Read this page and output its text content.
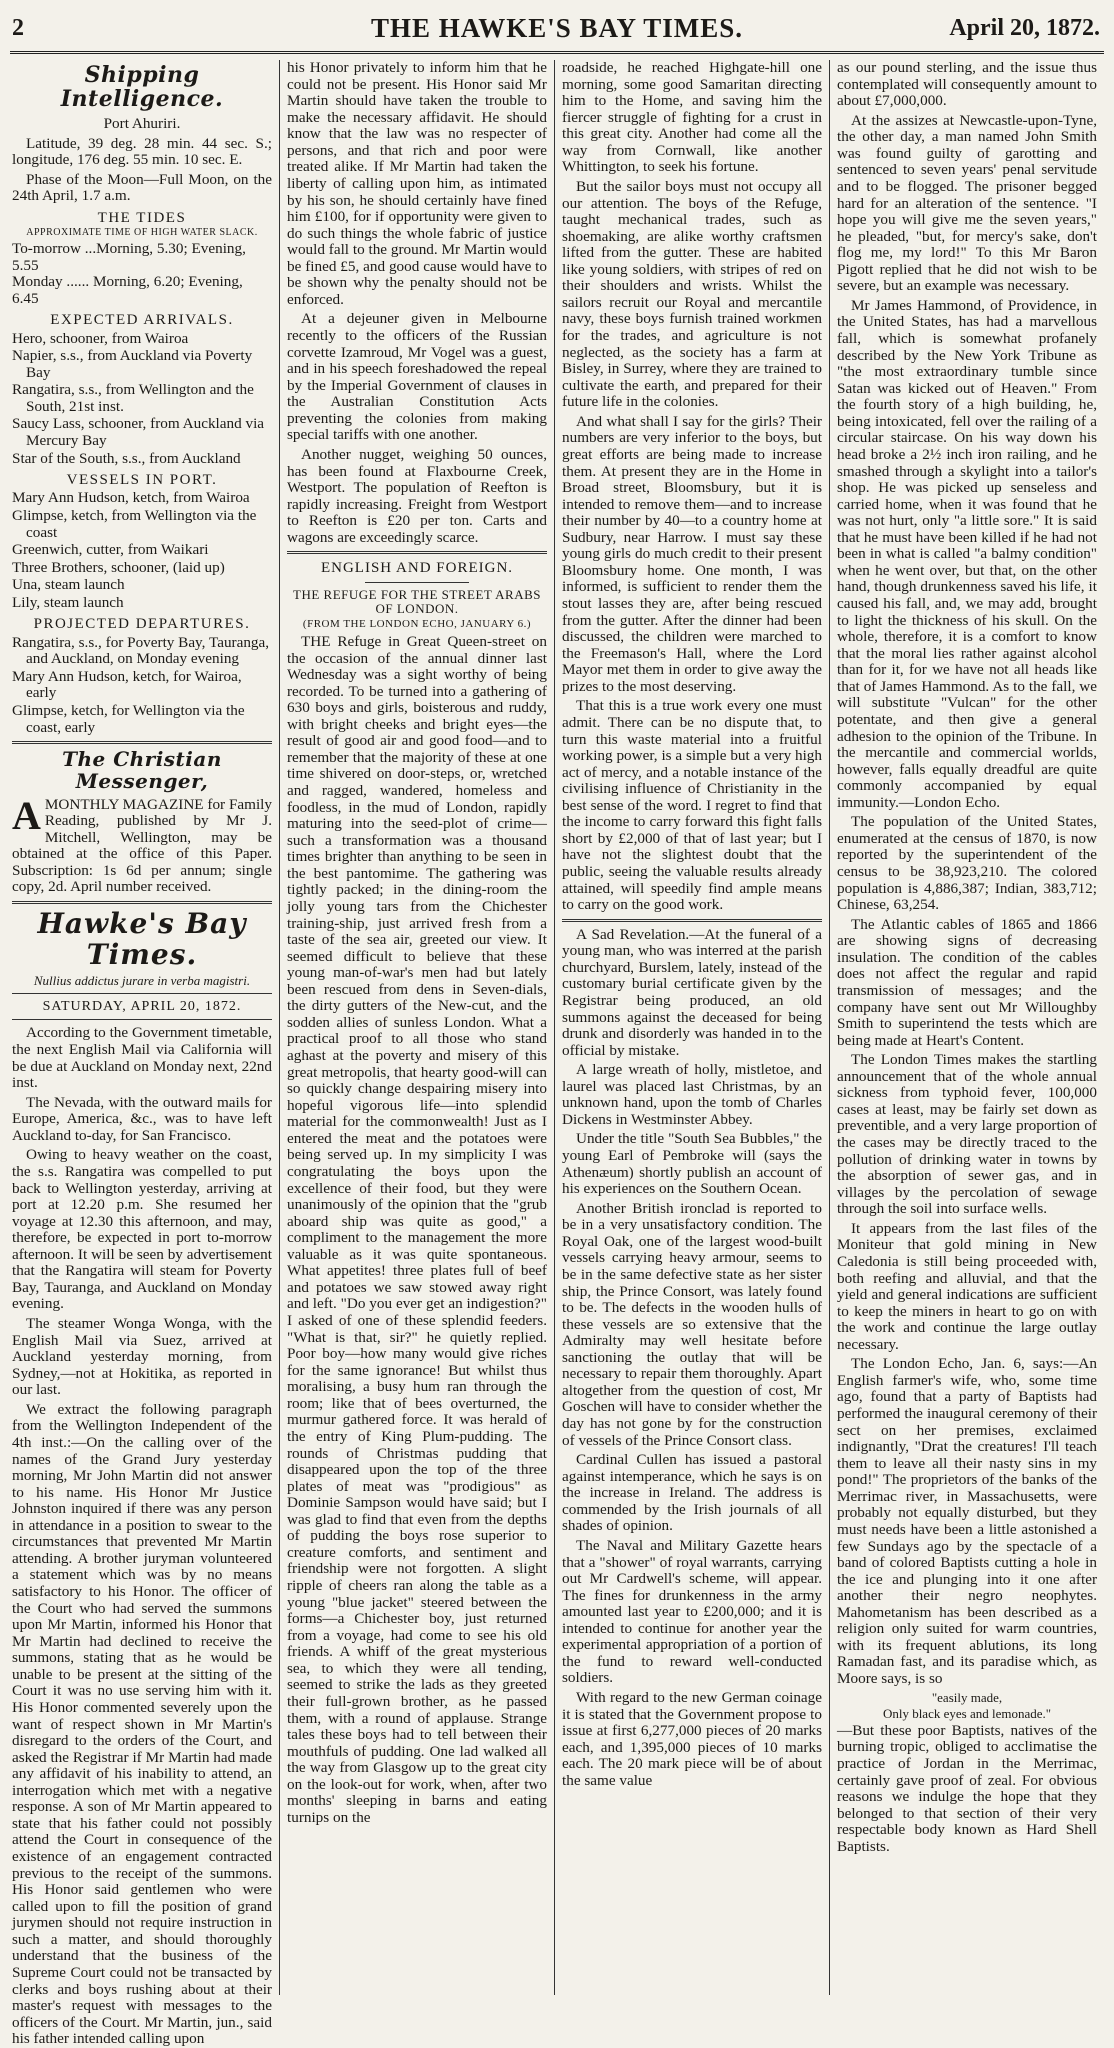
2	THE HAWKE'S BAY TIMES.	April 20, 1872.
Shipping Intelligence.

Port Ahuriri.

Latitude, 39 deg. 28 min. 44 sec. S.; longitude, 176 deg. 55 min. 10 sec. E.

Phase of the Moon—Full Moon, on the 24th April, 1.7 a.m.

THE TIDES
APPROXIMATE TIME OF HIGH WATER SLACK.

To-morrow ...Morning, 5.30; Evening, 5.55

Monday ...... Morning, 6.20; Evening, 6.45

EXPECTED ARRIVALS.

Hero, schooner, from Wairoa

Napier, s.s., from Auckland via Poverty Bay

Rangatira, s.s., from Wellington and the South, 21st inst.

Saucy Lass, schooner, from Auckland via Mercury Bay

Star of the South, s.s., from Auckland

VESSELS IN PORT.

Mary Ann Hudson, ketch, from Wairoa

Glimpse, ketch, from Wellington via the coast

Greenwich, cutter, from Waikari

Three Brothers, schooner, (laid up)

Una, steam launch

Lily, steam launch

PROJECTED DEPARTURES.

Rangatira, s.s., for Poverty Bay, Tauranga, and Auckland, on Monday evening

Mary Ann Hudson, ketch, for Wairoa, early

Glimpse, ketch, for Wellington via the coast, early

The Christian Messenger,

AMONTHLY MAGAZINE for Family Reading, published by Mr J. Mitchell, Wellington, may be obtained at the office of this Paper. Subscription: 1s 6d per annum; single copy, 2d. April number received.

Hawke's Bay Times.

Nullius addictus jurare in verba magistri.

SATURDAY, APRIL 20, 1872.

According to the Government timetable, the next English Mail via California will be due at Auckland on Monday next, 22nd inst.

The Nevada, with the outward mails for Europe, America, &c., was to have left Auckland to-day, for San Francisco.

Owing to heavy weather on the coast, the s.s. Rangatira was compelled to put back to Wellington yesterday, arriving at port at 12.20 p.m. She resumed her voyage at 12.30 this afternoon, and may, therefore, be expected in port to-morrow afternoon. It will be seen by advertisement that the Rangatira will steam for Poverty Bay, Tauranga, and Auckland on Monday evening.

The steamer Wonga Wonga, with the English Mail via Suez, arrived at Auckland yesterday morning, from Sydney,—not at Hokitika, as reported in our last.

We extract the following paragraph from the Wellington Independent of the 4th inst.:—On the calling over of the names of the Grand Jury yesterday morning, Mr John Martin did not answer to his name. His Honor Mr Justice Johnston inquired if there was any person in attendance in a position to swear to the circumstances that prevented Mr Martin attending. A brother juryman volunteered a statement which was by no means satisfactory to his Honor. The officer of the Court who had served the summons upon Mr Martin, informed his Honor that Mr Martin had declined to receive the summons, stating that as he would be unable to be present at the sitting of the Court it was no use serving him with it. His Honor commented severely upon the want of respect shown in Mr Martin's disregard to the orders of the Court, and asked the Registrar if Mr Martin had made any affidavit of his inability to attend, an interrogation which met with a negative response. A son of Mr Martin appeared to state that his father could not possibly attend the Court in consequence of the existence of an engagement contracted previous to the receipt of the summons. His Honor said gentlemen who were called upon to fill the position of grand jurymen should not require instruction in such a matter, and should thoroughly understand that the business of the Supreme Court could not be transacted by clerks and boys rushing about at their master's request with messages to the officers of the Court. Mr Martin, jun., said his father intended calling upon

his Honor privately to inform him that he could not be present. His Honor said Mr Martin should have taken the trouble to make the necessary affidavit. He should know that the law was no respecter of persons, and that rich and poor were treated alike. If Mr Martin had taken the liberty of calling upon him, as intimated by his son, he should certainly have fined him £100, for if opportunity were given to do such things the whole fabric of justice would fall to the ground. Mr Martin would be fined £5, and good cause would have to be shown why the penalty should not be enforced.

At a dejeuner given in Melbourne recently to the officers of the Russian corvette Izamroud, Mr Vogel was a guest, and in his speech foreshadowed the repeal by the Imperial Government of clauses in the Australian Constitution Acts preventing the colonies from making special tariffs with one another.

Another nugget, weighing 50 ounces, has been found at Flaxbourne Creek, Westport. The population of Reefton is rapidly increasing. Freight from Westport to Reefton is £20 per ton. Carts and wagons are exceedingly scarce.

ENGLISH AND FOREIGN.
THE REFUGE FOR THE STREET ARABS OF LONDON.
(FROM THE LONDON ECHO, JANUARY 6.)

THE Refuge in Great Queen-street on the occasion of the annual dinner last Wednesday was a sight worthy of being recorded. To be turned into a gathering of 630 boys and girls, boisterous and ruddy, with bright cheeks and bright eyes—the result of good air and good food—and to remember that the majority of these at one time shivered on door-steps, or, wretched and ragged, wandered, homeless and foodless, in the mud of London, rapidly maturing into the seed-plot of crime—such a transformation was a thousand times brighter than anything to be seen in the best pantomime. The gathering was tightly packed; in the dining-room the jolly young tars from the Chichester training-ship, just arrived fresh from a taste of the sea air, greeted our view. It seemed difficult to believe that these young man-of-war's men had but lately been rescued from dens in Seven-dials, the dirty gutters of the New-cut, and the sodden allies of sunless London. What a practical proof to all those who stand aghast at the poverty and misery of this great metropolis, that hearty good-will can so quickly change despairing misery into hopeful vigorous life—into splendid material for the commonwealth! Just as I entered the meat and the potatoes were being served up. In my simplicity I was congratulating the boys upon the excellence of their food, but they were unanimously of the opinion that the "grub aboard ship was quite as good," a compliment to the management the more valuable as it was quite spontaneous. What appetites! three plates full of beef and potatoes we saw stowed away right and left. "Do you ever get an indigestion?" I asked of one of these splendid feeders. "What is that, sir?" he quietly replied. Poor boy—how many would give riches for the same ignorance! But whilst thus moralising, a busy hum ran through the room; like that of bees overturned, the murmur gathered force. It was herald of the entry of King Plum-pudding. The rounds of Christmas pudding that disappeared upon the top of the three plates of meat was "prodigious" as Dominie Sampson would have said; but I was glad to find that even from the depths of pudding the boys rose superior to creature comforts, and sentiment and friendship were not forgotten. A slight ripple of cheers ran along the table as a young "blue jacket" steered between the forms—a Chichester boy, just returned from a voyage, had come to see his old friends. A whiff of the great mysterious sea, to which they were all tending, seemed to strike the lads as they greeted their full-grown brother, as he passed them, with a round of applause. Strange tales these boys had to tell between their mouthfuls of pudding. One lad walked all the way from Glasgow up to the great city on the look-out for work, when, after two months' sleeping in barns and eating turnips on the

roadside, he reached Highgate-hill one morning, some good Samaritan directing him to the Home, and saving him the fiercer struggle of fighting for a crust in this great city. Another had come all the way from Cornwall, like another Whittington, to seek his fortune.

But the sailor boys must not occupy all our attention. The boys of the Refuge, taught mechanical trades, such as shoemaking, are alike worthy craftsmen lifted from the gutter. These are habited like young soldiers, with stripes of red on their shoulders and wrists. Whilst the sailors recruit our Royal and mercantile navy, these boys furnish trained workmen for the trades, and agriculture is not neglected, as the society has a farm at Bisley, in Surrey, where they are trained to cultivate the earth, and prepared for their future life in the colonies.

And what shall I say for the girls? Their numbers are very inferior to the boys, but great efforts are being made to increase them. At present they are in the Home in Broad street, Bloomsbury, but it is intended to remove them—and to increase their number by 40—to a country home at Sudbury, near Harrow. I must say these young girls do much credit to their present Bloomsbury home. One month, I was informed, is sufficient to render them the stout lasses they are, after being rescued from the gutter. After the dinner had been discussed, the children were marched to the Freemason's Hall, where the Lord Mayor met them in order to give away the prizes to the most deserving.

That this is a true work every one must admit. There can be no dispute that, to turn this waste material into a fruitful working power, is a simple but a very high act of mercy, and a notable instance of the civilising influence of Christianity in the best sense of the word. I regret to find that the income to carry forward this fight falls short by £2,000 of that of last year; but I have not the slightest doubt that the public, seeing the valuable results already attained, will speedily find ample means to carry on the good work.

A Sad Revelation.—At the funeral of a young man, who was interred at the parish churchyard, Burslem, lately, instead of the customary burial certificate given by the Registrar being produced, an old summons against the deceased for being drunk and disorderly was handed in to the official by mistake.

A large wreath of holly, mistletoe, and laurel was placed last Christmas, by an unknown hand, upon the tomb of Charles Dickens in Westminster Abbey.

Under the title "South Sea Bubbles," the young Earl of Pembroke will (says the Athenæum) shortly publish an account of his experiences on the Southern Ocean.

Another British ironclad is reported to be in a very unsatisfactory condition. The Royal Oak, one of the largest wood-built vessels carrying heavy armour, seems to be in the same defective state as her sister ship, the Prince Consort, was lately found to be. The defects in the wooden hulls of these vessels are so extensive that the Admiralty may well hesitate before sanctioning the outlay that will be necessary to repair them thoroughly. Apart altogether from the question of cost, Mr Goschen will have to consider whether the day has not gone by for the construction of vessels of the Prince Consort class.

Cardinal Cullen has issued a pastoral against intemperance, which he says is on the increase in Ireland. The address is commended by the Irish journals of all shades of opinion.

The Naval and Military Gazette hears that a "shower" of royal warrants, carrying out Mr Cardwell's scheme, will appear. The fines for drunkenness in the army amounted last year to £200,000; and it is intended to continue for another year the experimental appropriation of a portion of the fund to reward well-conducted soldiers.

With regard to the new German coinage it is stated that the Government propose to issue at first 6,277,000 pieces of 20 marks each, and 1,395,000 pieces of 10 marks each. The 20 mark piece will be of about the same value

as our pound sterling, and the issue thus contemplated will consequently amount to about £7,000,000.

At the assizes at Newcastle-upon-Tyne, the other day, a man named John Smith was found guilty of garotting and sentenced to seven years' penal servitude and to be flogged. The prisoner begged hard for an alteration of the sentence. "I hope you will give me the seven years," he pleaded, "but, for mercy's sake, don't flog me, my lord!" To this Mr Baron Pigott replied that he did not wish to be severe, but an example was necessary.

Mr James Hammond, of Providence, in the United States, has had a marvellous fall, which is somewhat profanely described by the New York Tribune as "the most extraordinary tumble since Satan was kicked out of Heaven." From the fourth story of a high building, he, being intoxicated, fell over the railing of a circular staircase. On his way down his head broke a 2½ inch iron railing, and he smashed through a skylight into a tailor's shop. He was picked up senseless and carried home, when it was found that he was not hurt, only "a little sore." It is said that he must have been killed if he had not been in what is called "a balmy condition" when he went over, but that, on the other hand, though drunkenness saved his life, it caused his fall, and, we may add, brought to light the thickness of his skull. On the whole, therefore, it is a comfort to know that the moral lies rather against alcohol than for it, for we have not all heads like that of James Hammond. As to the fall, we will substitute "Vulcan" for the other potentate, and then give a general adhesion to the opinion of the Tribune. In the mercantile and commercial worlds, however, falls equally dreadful are quite commonly accompanied by equal immunity.—London Echo.

The population of the United States, enumerated at the census of 1870, is now reported by the superintendent of the census to be 38,923,210. The colored population is 4,886,387; Indian, 383,712; Chinese, 63,254.

The Atlantic cables of 1865 and 1866 are showing signs of decreasing insulation. The condition of the cables does not affect the regular and rapid transmission of messages; and the company have sent out Mr Willoughby Smith to superintend the tests which are being made at Heart's Content.

The London Times makes the startling announcement that of the whole annual sickness from typhoid fever, 100,000 cases at least, may be fairly set down as preventible, and a very large proportion of the cases may be directly traced to the pollution of drinking water in towns by the absorption of sewer gas, and in villages by the percolation of sewage through the soil into surface wells.

It appears from the last files of the Moniteur that gold mining in New Caledonia is still being proceeded with, both reefing and alluvial, and that the yield and general indications are sufficient to keep the miners in heart to go on with the work and continue the large outlay necessary.

The London Echo, Jan. 6, says:—An English farmer's wife, who, some time ago, found that a party of Baptists had performed the inaugural ceremony of their sect on her premises, exclaimed indignantly, "Drat the creatures! I'll teach them to leave all their nasty sins in my pond!" The proprietors of the banks of the Merrimac river, in Massachusetts, were probably not equally disturbed, but they must needs have been a little astonished a few Sundays ago by the spectacle of a band of colored Baptists cutting a hole in the ice and plunging into it one after another their negro neophytes. Mahometanism has been described as a religion only suited for warm countries, with its frequent ablutions, its long Ramadan fast, and its paradise which, as Moore says, is so

"easily made,

Only black eyes and lemonade."

—But these poor Baptists, natives of the burning tropic, obliged to acclimatise the practice of Jordan in the Merrimac, certainly gave proof of zeal. For obvious reasons we indulge the hope that they belonged to that section of their very respectable body known as Hard Shell Baptists.
